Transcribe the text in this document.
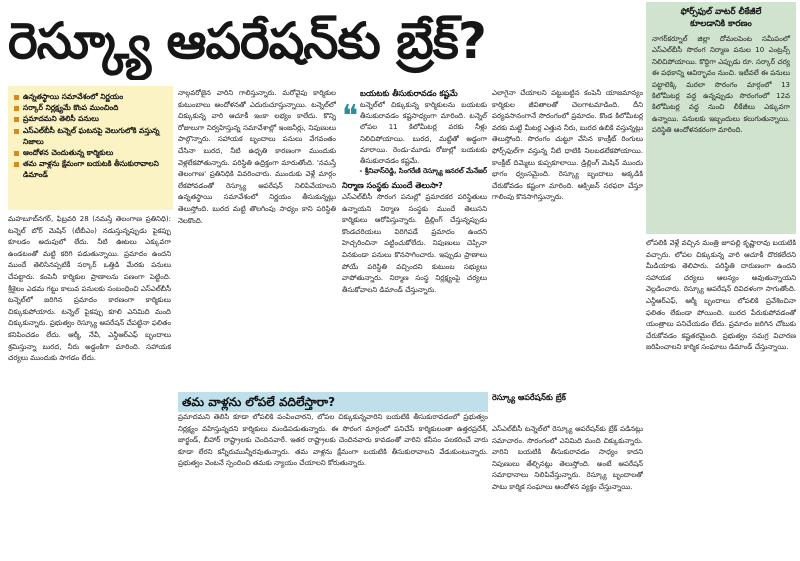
రెస్క్యూ ఆపరేషన్‌కు బ్రేక్?	ఫోర్స్‌ఫుల్ వాటర్ లీకేజీలే
కూలడానికి కారణం
నాగర్‌కర్నూల్ జిల్లా దోమలపెంట సమీపంలో ఎస్‌ఎల్‌బీసీ సొరంగ నిర్మాణ పనుల 10 ఎంట్రన్స్ నిలిచిపోయాయి. కొద్దిగా ఎప్పుడు రూ. సర్కార్ చర్య ఈ పథకాన్ని ఆవిర్భావం నుంచి. ఇటీవలే ఈ పనులు పట్టాలెక్కి మరలా సొరంగం మార్గంలో 13 కిలోమీటర్ల వద్ద ఉన్నప్పుడు సొరంగంలో 12వ కిలోమీటర్ల వద్ద నుంచి లీకేజీలు ఎక్కువగా ఉన్నాయి. పనులకు ఇబ్బందులు కలుగుతున్నాయి. పరిస్థితి ఆందోళనకరంగా మారింది.
ఉన్నతస్థాయి సమావేశంలో నిర్ణయం
సర్కార్ నిర్లక్ష్యమే కొంప ముంచింది
ప్రమాదమని తెలిసీ పనులు
ఎస్‌ఎల్‌బీసీ టన్నెల్ ఘటనపై వెలుగులోకి వస్తున్న నిజాలు
ఆందోళన చెందుతున్న కార్మికులు
తమ వాళ్లను క్షేమంగా బయటకి తీసుకురావాలని డిమాండ్
మహబూబ్‌నగర్, ఫిబ్రవరి 28 (నమస్తే తెలంగాణ ప్రతినిధి): టన్నెల్ బోర్ మెషిన్ (టీబీఎం) నడుస్తున్నప్పుడు పైకప్పు కూలడం అదుపులో లేదు. నీటి ఊటలు ఎక్కువగా ఉండటంతో మట్టి కరిగి పడుతున్నాయి. ప్రమాదం ఉందని ముందే తెలిసినప్పటికీ సర్కార్ ఒత్తిడి మేరకు పనులు చేపట్టారు. కంపెనీ కార్మికుల ప్రాణాలను పణంగా పెట్టింది. శ్రీశైలం ఎడమ గట్టు కాలువ పనులకు సంబంధించి ఎస్‌ఎల్‌బీసీ టన్నెల్‌లో జరిగిన ప్రమాదం కారణంగా కార్మికులు చిక్కుకుపోయారు. టన్నెల్ పైకప్పు కూలి ఎనిమిది మంది చిక్కుకున్నారు. ప్రభుత్వం రెస్క్యూ ఆపరేషన్ చేపట్టినా ఫలితం కనిపించడం లేదు. ఆర్మీ, నేవీ, ఎన్డీఆర్‌ఎఫ్ బృందాలు శ్రమిస్తున్నా బురద, నీరు అడ్డంకిగా మారింది. సహాయక చర్యలు ముందుకు సాగడం లేదు.
నాల్గవరోజైన వారిని గాలిస్తున్నారు. మరోవైపు కార్మికుల కుటుంబాలు ఆందోళనతో ఎదురుచూస్తున్నాయి. టన్నెల్‌లో చిక్కుకున్న వారి ఆచూకీ ఇంకా లభ్యం కాలేదు. కొన్ని రోజులుగా నిర్వహిస్తున్న సమావేశాల్లో ఇంజనీర్లు, నిపుణులు పాల్గొన్నారు. సహాయక బృందాలు పనులు వేగవంతం చేసినా బురద, నీటి ఉధృతి కారణంగా ముందుకు వెళ్లలేకపోతున్నారు. పరిస్థితి ఉద్రిక్తంగా మారుతోంది. 'నమస్తే తెలంగాణ' ప్రతినిధికి వివరించారు. ముందుకు వెళ్లే మార్గం లేకపోవడంతో రెస్క్యూ ఆపరేషన్ నిలిపివేయాలని ఉన్నతస్థాయి సమావేశంలో నిర్ణయం తీసుకున్నట్లు తెలుస్తోంది. బురద మట్టి తొలగింపు సాధ్యం కాని పరిస్థితి నెలకొంది.
❝
బయటకు తీసుకురావడం కష్టమే
టన్నెల్‌లో చిక్కుకున్న కార్మికులను బయటకు తీసుకురావడం కష్టసాధ్యంగా మారింది. టన్నెల్ లోపల 11 కిలోమీటర్ల వరకు నీళ్లు నిలిచిపోయాయి. బురద, మట్టితో అడ్డంగా మారాయి. రెండు-మూడు రోజుల్లో బయటకు తీసుకురావడం కష్టమే.
- శ్రీనివాస్‌రెడ్డి, సింగరేణి రెస్క్యూ జనరల్ మేనేజర్
నిర్మాణ సంస్థకు ముందే తెలుసా?
ఎస్‌ఎల్‌బీసీ సొరంగ పనుల్లో ప్రమాదకర పరిస్థితులు ఉన్నాయని నిర్మాణ సంస్థకు ముందే తెలుసని కార్మికులు ఆరోపిస్తున్నారు. డ్రిల్లింగ్ చేస్తున్నప్పుడు కొండచరియలు విరిగిపడే ప్రమాదం ఉందని హెచ్చరించినా పట్టించుకోలేదు. నిపుణులు చెప్పినా వినకుండా పనులు కొనసాగించారు. ఇప్పుడు ప్రాణాలు పోయే పరిస్థితి వచ్చిందని కుటుంబ సభ్యులు వాపోతున్నారు. నిర్మాణ సంస్థ నిర్లక్ష్యంపై చర్యలు తీసుకోవాలని డిమాండ్ చేస్తున్నారు.
ఎలాగైనా చేయాలని పట్టుబట్టిన కంపెనీ యాజమాన్యం కార్మికుల జీవితాలతో చెలగాటమాడింది. దీని పర్యవసానంగానే సొరంగంలో ప్రమాదం. కొండ కిలోమీటర్ల వరకు మట్టి మీటర్ల ఎత్తున నీరు, బురద ఉబికి వస్తున్నట్లు తెలుస్తోంది. సొరంగం చుట్టూ వేసిన కాంక్రీట్ రింగులు ఫోర్స్‌ఫుల్‌గా వస్తున్న నీటి ధాటికి నిలబడలేకపోయాయి. కాంక్రీట్ దిమ్మెలు కుప్పకూలాయి. డ్రిల్లింగ్ మెషిన్ ముందు భాగం ధ్వంసమైంది. రెస్క్యూ బృందాలు అక్కడికి చేరుకోవడం కష్టంగా మారింది. ఆక్సిజన్ సరఫరా చేస్తూ గాలింపు కొనసాగిస్తున్నారు.
లోపలికి వెళ్లే వచ్చిన మంత్రి జూపల్లి కృష్ణారావు బయటికి వచ్చారు. లోపల చిక్కుకున్న వారి ఆచూకీ దొరకలేదని మీడియాకు తెలిపారు. పరిస్థితి దారుణంగా ఉందని సహాయక చర్యలు ఆలస్యం అవుతున్నాయని వెల్లడించారు. రెస్క్యూ ఆపరేషన్ దివిదళంగా సాగుతోంది. ఎన్డీఆర్‌ఎఫ్, ఆర్మీ బృందాలు లోపలికి ప్రవేశించినా ఫలితం లేకుండా పోయింది. బురద పేరుకుపోవడంతో యంత్రాలు పనిచేయడం లేదు. ప్రమాదం జరిగిన చోటుకు చేరుకోవడం కష్టతరమైంది. ప్రభుత్వం సమగ్ర విచారణ జరిపించాలని కార్మిక సంఘాలు డిమాండ్ చేస్తున్నాయి.
తమ వాళ్లను లోపలే వదిలేస్తారా?
ప్రమాదమని తెలిసి కూడా లోపలికి పంపించారని, లోపల చిక్కుకున్నవారిని బయటికి తీసుకురావడంలో ప్రభుత్వం నిర్లక్ష్యం వహిస్తున్నదని కార్మికులు మండిపడుతున్నారు. ఈ సొరంగ మార్గంలో పనిచేసే కార్మికులంతా ఉత్తరప్రదేశ్, జార్ఖండ్, బీహార్ రాష్ట్రాలకు చెందినవారే. ఇతర రాష్ట్రాలకు చెందినవారు కావడంతో వారిని కనీసం పలకరించే వారు కూడా లేరని కన్నీరుమున్నీరవుతున్నారు. తమ వాళ్లను క్షేమంగా బయటికి తీసుకురావాలని వేడుకుంటున్నారు. ప్రభుత్వం వెంటనే స్పందించి తమకు న్యాయం చేయాలని కోరుతున్నారు.
రెస్క్యూ ఆపరేషన్‌కు బ్రేక్
ఎస్‌ఎల్‌బీసీ టన్నెల్‌లో రెస్క్యూ ఆపరేషన్‌కు బ్రేక్ పడినట్లు సమాచారం. సొరంగంలో ఎనిమిది మంది చిక్కుకున్నారు. వారిని బయటికి తీసుకురావడం సాధ్యం కాదని నిపుణులు తేల్చినట్లు తెలుస్తోంది. అంటే ఆపరేషన్ సమాధానాలు నిలిపివేస్తున్నారు. రెస్క్యూ బృందాలతో పాటు కార్మిక సంఘాలు ఆందోళన వ్యక్తం చేస్తున్నాయి.
